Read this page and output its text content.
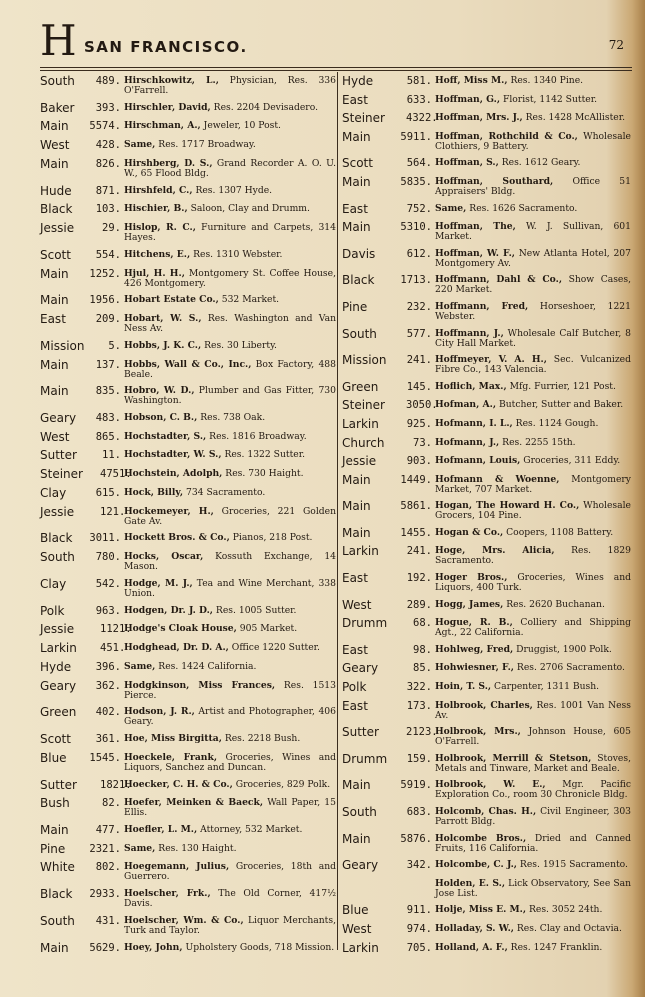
H SAN FRANCISCO.	72
South	489. Hirschkowitz, L., Physician, Res. 336 O'Farrell.
Baker	393. Hirschler, David, Res. 2204 Devisadero.
Main	5574. Hirschman, A., Jeweler, 10 Post.
West	428. Same, Res. 1717 Broadway.
Main	826. Hirshberg, D. S., Grand Recorder A. O. U. W., 65 Flood Bldg.
Hude	871. Hirshfeld, C., Res. 1307 Hyde.
Black	103. Hischier, B., Saloon, Clay and Drumm.
Jessie	29. Hislop, R. C., Furniture and Carpets, 314 Hayes.
Scott	554. Hitchens, E., Res. 1310 Webster.
Main	1252. Hjul, H. H., Montgomery St. Coffee House, 426 Montgomery.
Main	1956. Hobart Estate Co., 532 Market.
East	209. Hobart, W. S., Res. Washington and Van Ness Av.
Mission	5. Hobbs, J. K. C., Res. 30 Liberty.
Main	137. Hobbs, Wall & Co., Inc., Box Factory, 488 Beale.
Main	835. Hobro, W. D., Plumber and Gas Fitter, 730 Washington.
Geary	483. Hobson, C. B., Res. 738 Oak.
West	865. Hochstadter, S., Res. 1816 Broadway.
Sutter	11. Hochstadter, W. S., Res. 1322 Sutter.
Steiner	4751.
Hochstein, Adolph, Res. 730 Haight.
Clay	615. Hock, Billy, 734 Sacramento.
Jessie	121.
Hockemeyer, H., Groceries, 221 Golden Gate Av.
Black	3011. Hockett Bros. & Co., Pianos, 218 Post.
South	780. Hocks, Oscar, Kossuth Exchange, 14 Mason.
Clay	542. Hodge, M. J., Tea and Wine Merchant, 338 Union.
Polk	963. Hodgen, Dr. J. D., Res. 1005 Sutter.
Jessie	1121.
Hodge's Cloak House, 905 Market.
Larkin	451.
Hodghead, Dr. D. A., Office 1220 Sutter.
Hyde	396. Same, Res. 1424 California.
Geary	362. Hodgkinson, Miss Frances, Res. 1513 Pierce.
Green	402. Hodson, J. R., Artist and Photographer, 406 Geary.
Scott	361. Hoe, Miss Birgitta, Res. 2218 Bush.
Blue	1545. Hoeckele, Frank, Groceries, Wines and Liquors, Sanchez and Duncan.
Sutter	1821.
Hoecker, C. H. & Co., Groceries, 829 Polk.
Bush	82. Hoefer, Meinken & Baeck, Wall Paper, 15 Ellis.
Main	477. Hoefler, L. M., Attorney, 532 Market.
Pine	2321. Same, Res. 130 Haight.
White	802. Hoegemann, Julius, Groceries, 18th and Guerrero.
Black	2933. Hoelscher, Frk., The Old Corner, 417½ Davis.
South	431. Hoelscher, Wm. & Co., Liquor Merchants, Turk and Taylor.
Main	5629. Hoey, John, Upholstery Goods, 718 Mission.
Hyde	581. Hoff, Miss M., Res. 1340 Pine.
East	633. Hoffman, G., Florist, 1142 Sutter.
Steiner	4322.
Hoffman, Mrs. J., Res. 1428 McAllister.
Main	5911. Hoffman, Rothchild & Co., Wholesale Clothiers, 9 Battery.
Scott	564. Hoffman, S., Res. 1612 Geary.
Main	5835. Hoffman, Southard, Office 51 Appraisers' Bldg.
East	752. Same, Res. 1626 Sacramento.
Main	5310. Hoffman, The, W. J. Sullivan, 601 Market.
Davis	612. Hoffman, W. F., New Atlanta Hotel, 207 Montgomery Av.
Black	1713. Hoffmann, Dahl & Co., Show Cases, 220 Market.
Pine	232. Hoffmann, Fred, Horseshoer, 1221 Webster.
South	577. Hoffmann, J., Wholesale Calf Butcher, 8 City Hall Market.
Mission	241. Hoffmeyer, V. A. H., Sec. Vulcanized Fibre Co., 143 Valencia.
Green	145. Hoflich, Max., Mfg. Furrier, 121 Post.
Steiner	3050.
Hofman, A., Butcher, Sutter and Baker.
Larkin	925. Hofmann, I. L., Res. 1124 Gough.
Church	73. Hofmann, J., Res. 2255 15th.
Jessie	903. Hofmann, Louis, Groceries, 311 Eddy.
Main	1449. Hofmann & Woenne, Montgomery Market, 707 Market.
Main	5861. Hogan, The Howard H. Co., Wholesale Grocers, 104 Pine.
Main	1455. Hogan & Co., Coopers, 1108 Battery.
Larkin	241. Hoge, Mrs. Alicia, Res. 1829 Sacramento.
East	192. Hoger Bros., Groceries, Wines and Liquors, 400 Turk.
West	289. Hogg, James, Res. 2620 Buchanan.
Drumm	68. Hogue, R. B., Colliery and Shipping Agt., 22 California.
East	98. Hohlweg, Fred, Druggist, 1900 Polk.
Geary	85. Hohwiesner, F., Res. 2706 Sacramento.
Polk	322. Hoin, T. S., Carpenter, 1311 Bush.
East	173. Holbrook, Charles, Res. 1001 Van Ness Av.
Sutter	2123.
Holbrook, Mrs., Johnson House, 605 O'Farrell.
Drumm	159. Holbrook, Merrill & Stetson, Stoves, Metals and Tinware, Market and Beale.
Main	5919. Holbrook, W. E., Mgr. Pacific Exploration Co., room 30 Chronicle Bldg.
South	683. Holcomb, Chas. H., Civil Engineer, 303 Parrott Bldg.
Main	5876. Holcombe Bros., Dried and Canned Fruits, 116 California.
Geary	342. Holcombe, C. J., Res. 1915 Sacramento.
Holden, E. S., Lick Observatory, See San Jose List.
Blue	911. Holje, Miss E. M., Res. 3052 24th.
West	974. Holladay, S. W., Res. Clay and Octavia.
Larkin	705. Holland, A. F., Res. 1247 Franklin.
